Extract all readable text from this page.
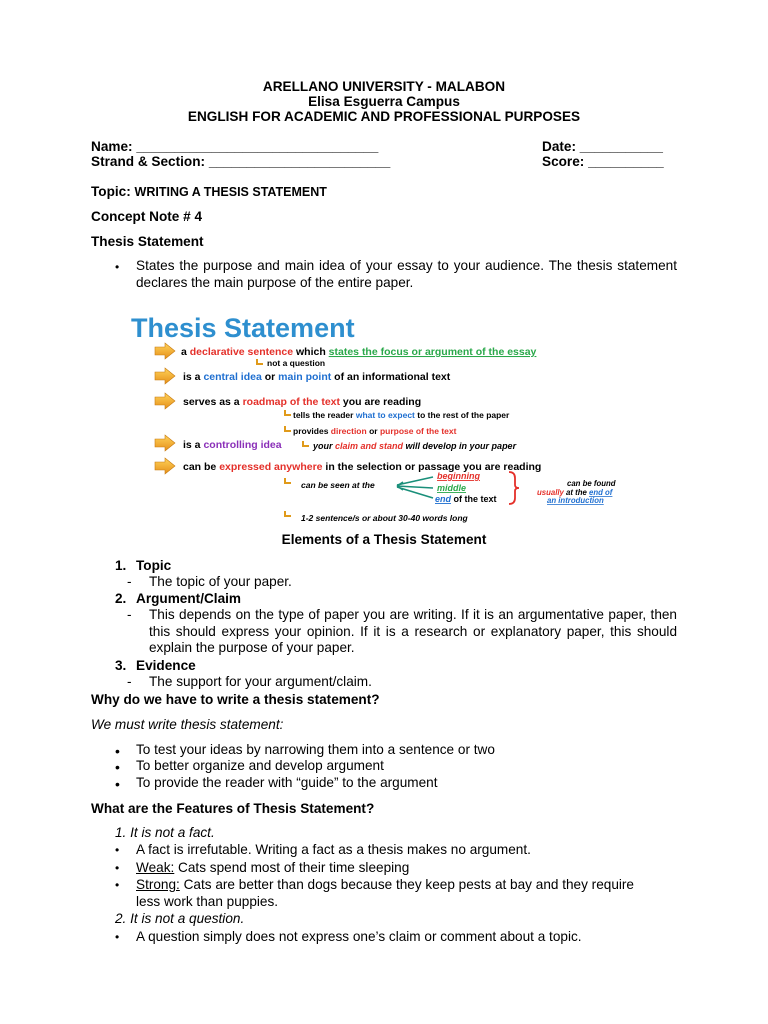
ARELLANO UNIVERSITY - MALABON
Elisa Esguerra Campus
ENGLISH FOR ACADEMIC AND PROFESSIONAL PURPOSES
Name: ________________________________	Date: ___________
Strand & Section: ________________________	Score: __________
Topic: WRITING A THESIS STATEMENT
Concept Note # 4
Thesis Statement
• States the purpose and main idea of your essay to your audience. The thesis statement declares the main purpose of the entire paper.
Thesis Statement
a declarative sentence which states the focus or argument of the essay
is a central idea or main point of an informational text
serves as a roadmap of the text you are reading
is a controlling idea
can be expressed anywhere in the selection or passage you are reading
not a question
tells the reader what to expect to the rest of the paper
provides direction or purpose of the text
your claim and stand will develop in your paper
can be seen at the
1-2 sentence/s or about 30-40 words long
beginning
middle
end of the text
can be found
usually at the end of
an introduction
Elements of a Thesis Statement
1. Topic
- The topic of your paper.
2. Argument/Claim
- This depends on the type of paper you are writing. If it is an argumentative paper, then this should express your opinion. If it is a research or explanatory paper, this should explain the purpose of your paper.
3. Evidence
- The support for your argument/claim.
Why do we have to write a thesis statement?
We must write thesis statement:
• To test your ideas by narrowing them into a sentence or two
• To better organize and develop argument
• To provide the reader with “guide” to the argument
What are the Features of Thesis Statement?
1. It is not a fact.
• A fact is irrefutable. Writing a fact as a thesis makes no argument.
• Weak: Cats spend most of their time sleeping
• Strong: Cats are better than dogs because they keep pests at bay and they require less work than puppies.
2. It is not a question.
• A question simply does not express one’s claim or comment about a topic.
